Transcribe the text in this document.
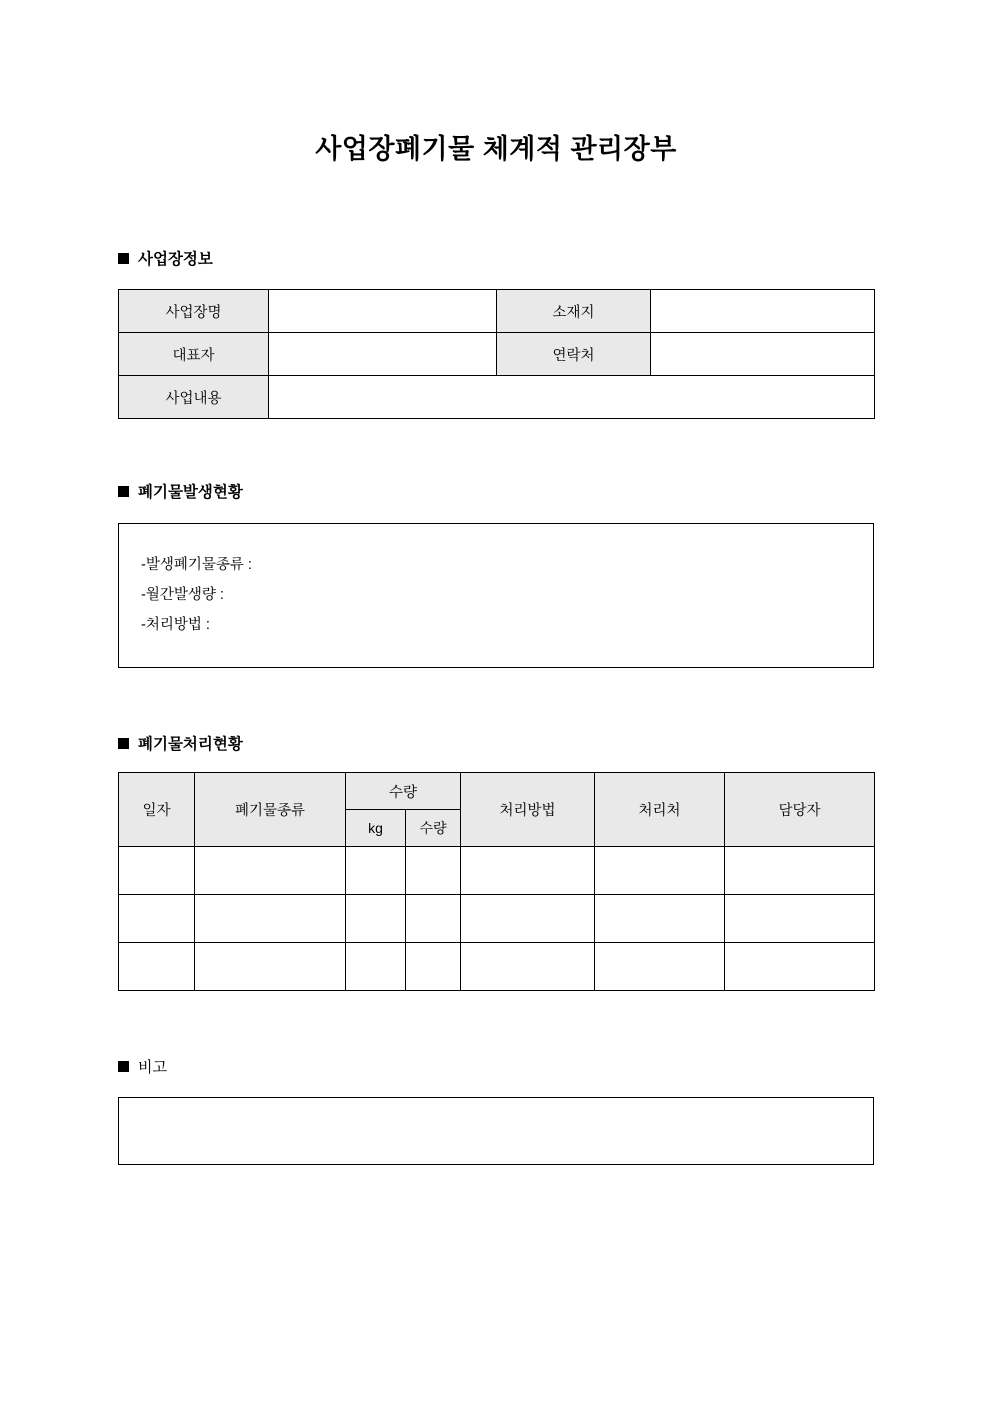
사업장폐기물 체계적 관리장부
사업장정보
사업장명		소재지	
대표자		연락처	
사업내용			
폐기물발생현황
-발생폐기물종류 :
-월간발생량 :
-처리방법 :
폐기물처리현황
일자	폐기물종류	수량		처리방법	처리처	담당자
		kg	수량			

비고
